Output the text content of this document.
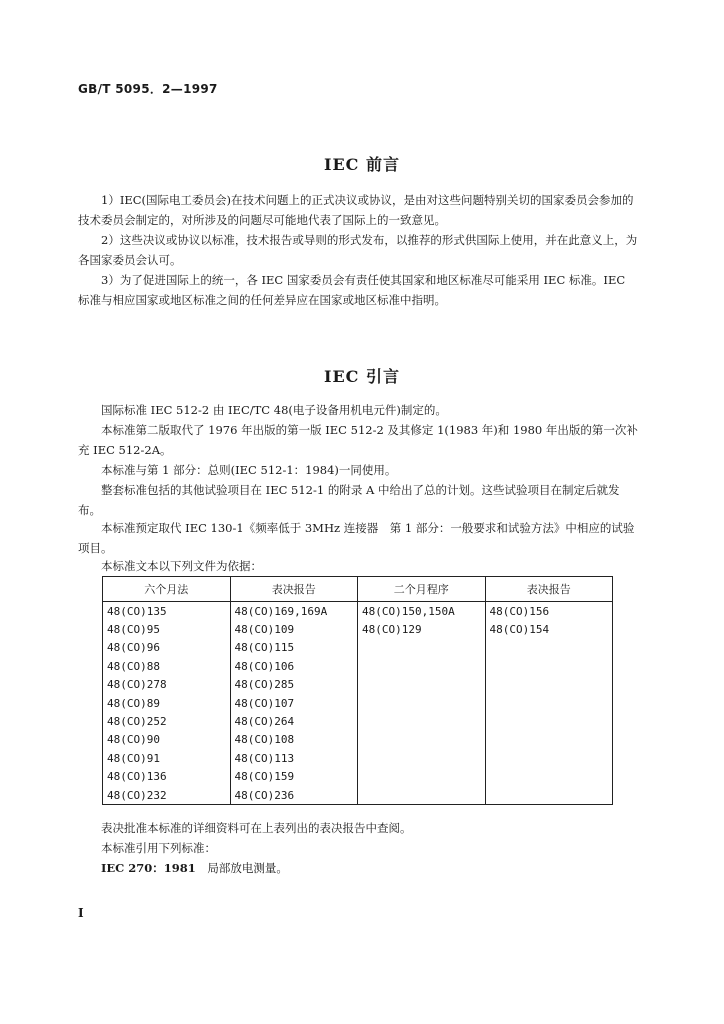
GB/T 5095．2—1997
IEC 前言

1）IEC(国际电工委员会)在技术问题上的正式决议或协议，是由对这些问题特别关切的国家委员会参加的技术委员会制定的，对所涉及的问题尽可能地代表了国际上的一致意见。

2）这些决议或协议以标准，技术报告或导则的形式发布，以推荐的形式供国际上使用，并在此意义上，为各国家委员会认可。

3）为了促进国际上的统一，各 IEC 国家委员会有责任使其国家和地区标准尽可能采用 IEC 标准。IEC 标准与相应国家或地区标准之间的任何差异应在国家或地区标准中指明。

IEC 引言

国际标准 IEC 512-2 由 IEC/TC 48(电子设备用机电元件)制定的。

本标准第二版取代了 1976 年出版的第一版 IEC 512-2 及其修定 1(1983 年)和 1980 年出版的第一次补充 IEC 512-2A。

本标准与第 1 部分：总则(IEC 512-1：1984)一同使用。

整套标准包括的其他试验项目在 IEC 512-1 的附录 A 中给出了总的计划。这些试验项目在制定后就发布。

本标准预定取代 IEC 130-1《频率低于 3MHz 连接器　第 1 部分：一般要求和试验方法》中相应的试验项目。

本标准文本以下列文件为依据：

六个月法	表决报告	二个月程序	表决报告
48(CO)135	48(CO)169,169A	48(CO)150,150A	48(CO)156
48(CO)95	48(CO)109	48(CO)129	48(CO)154
48(CO)96	48(CO)115		
48(CO)88	48(CO)106		
48(CO)278	48(CO)285		
48(CO)89	48(CO)107		
48(CO)252	48(CO)264		
48(CO)90	48(CO)108		
48(CO)91	48(CO)113		
48(CO)136	48(CO)159		
48(CO)232	48(CO)236		

表决批准本标准的详细资料可在上表列出的表决报告中查阅。

本标准引用下列标准：

IEC 270：1981　 局部放电测量。

I
